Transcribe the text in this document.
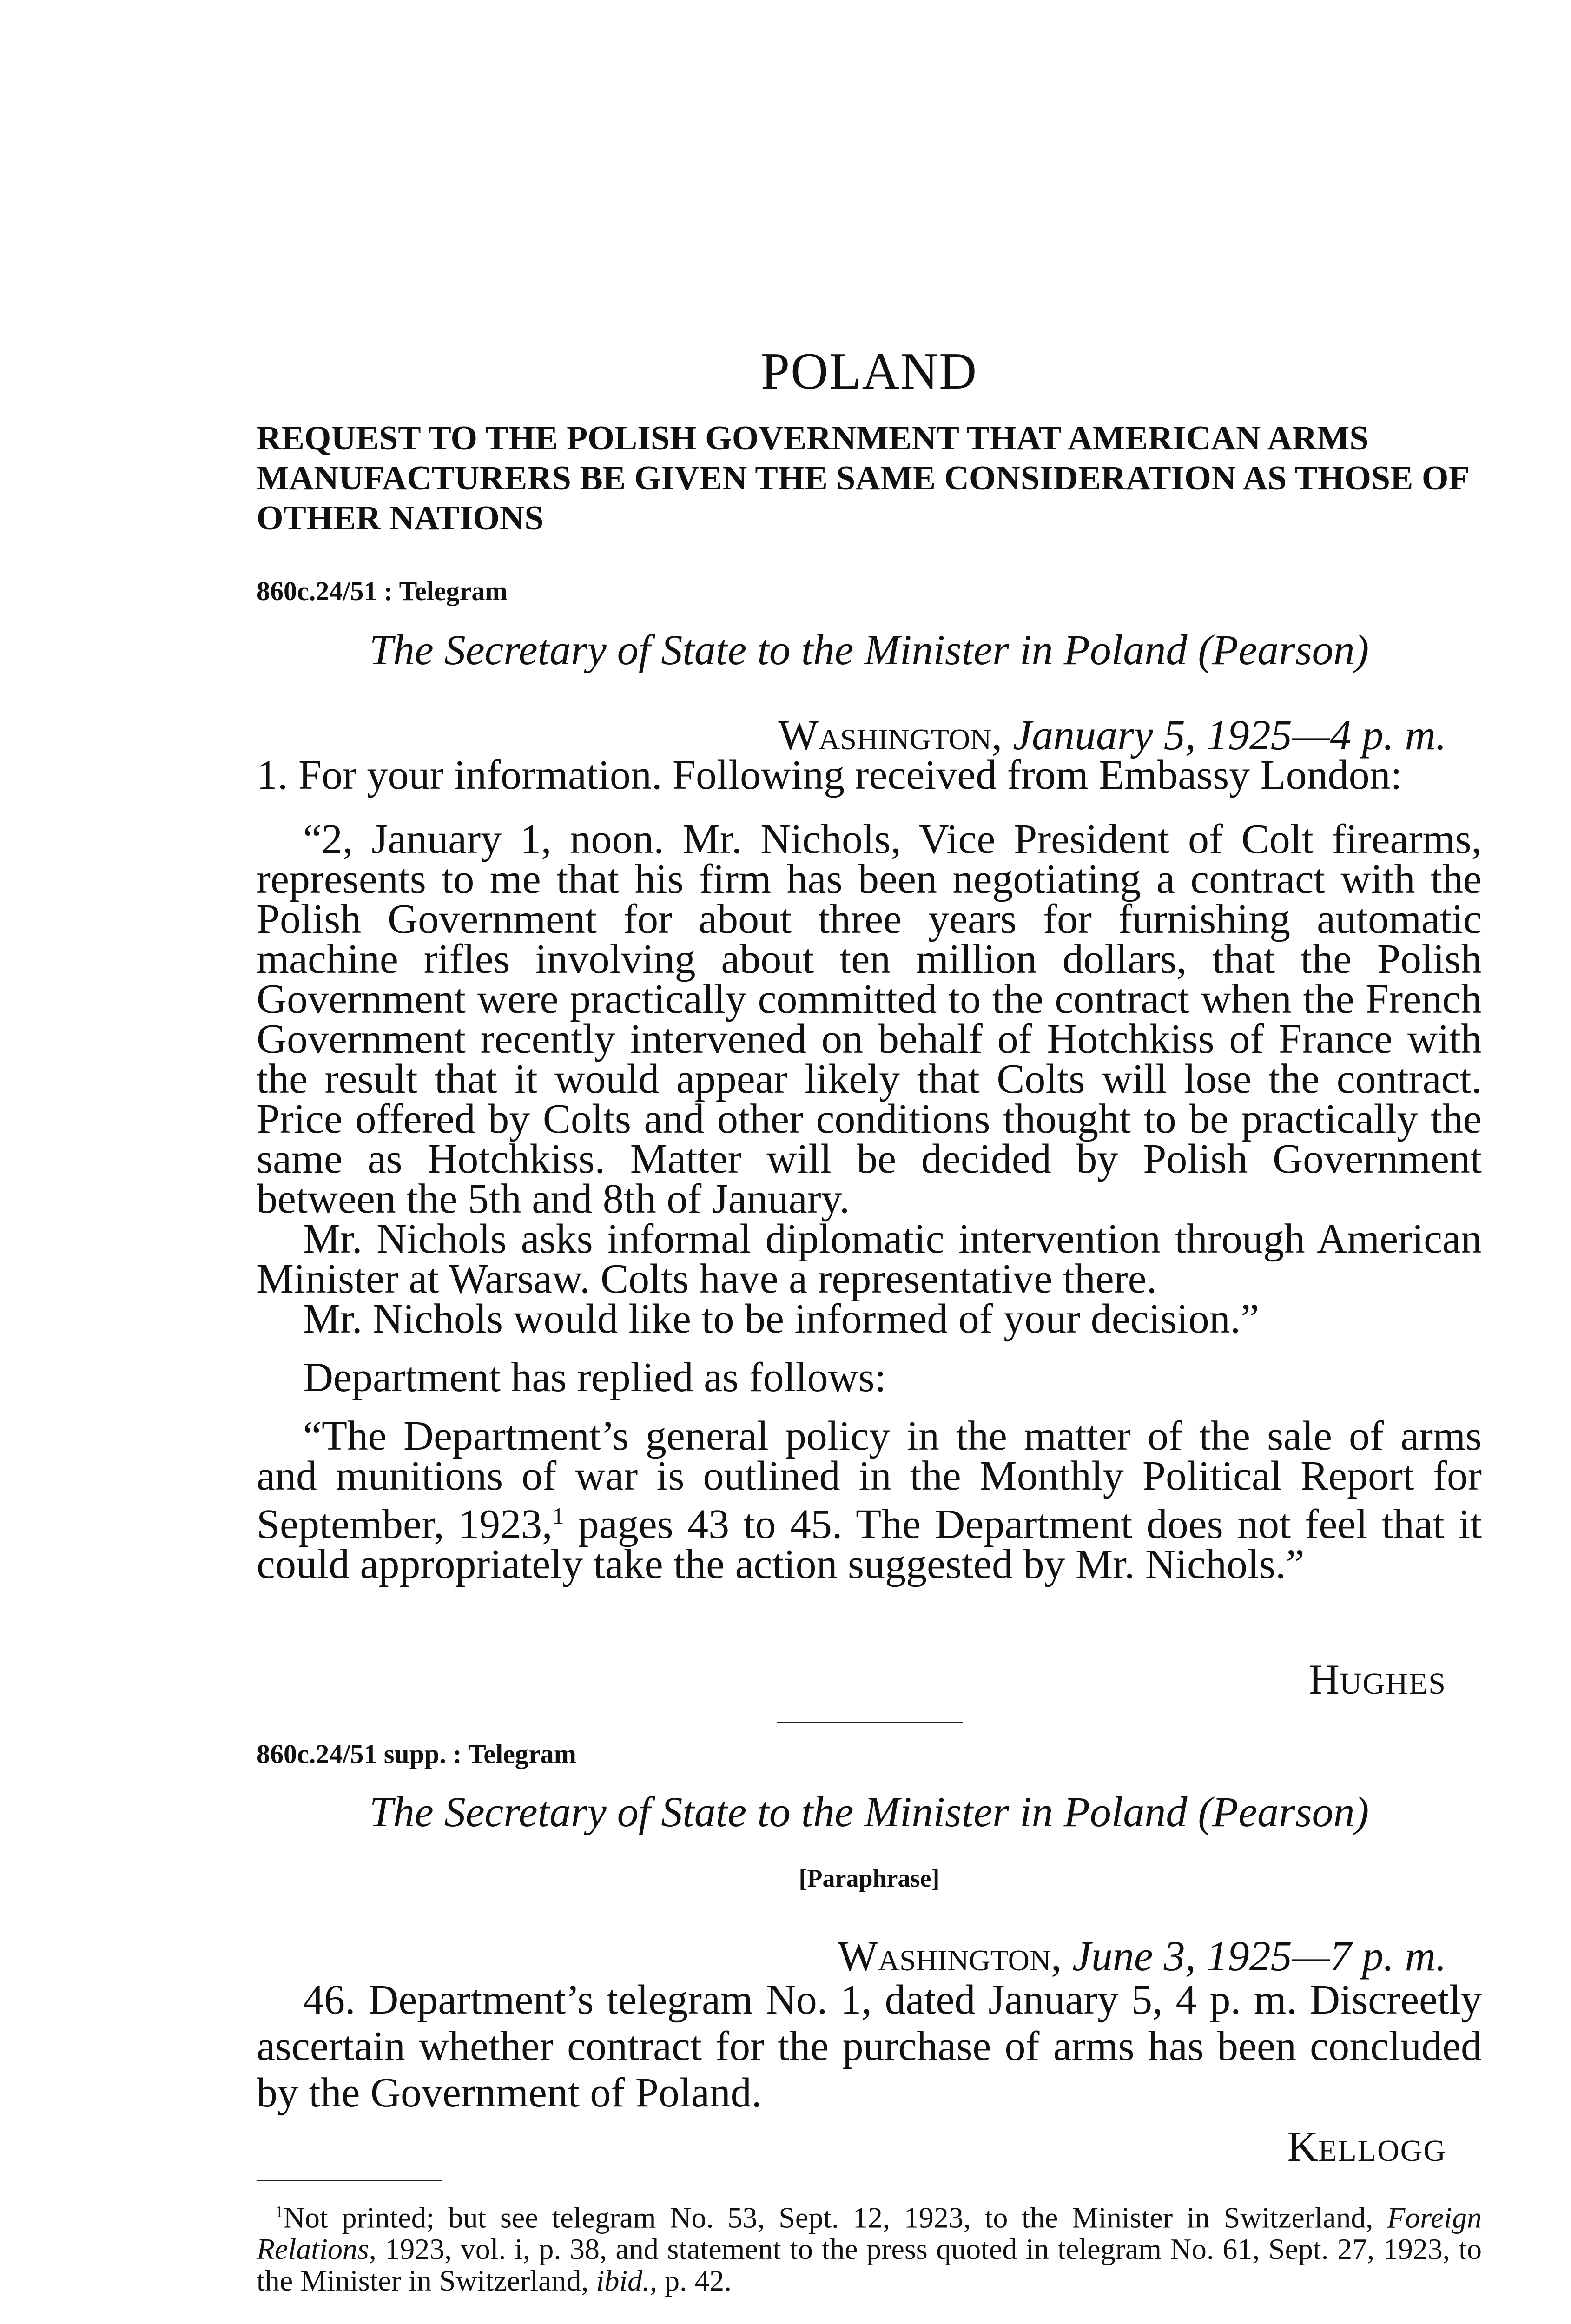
POLAND
REQUEST TO THE POLISH GOVERNMENT THAT AMERICAN ARMS MANUFACTURERS BE GIVEN THE SAME CONSIDERATION AS THOSE OF OTHER NATIONS
860c.24/51 : Telegram
The Secretary of State to the Minister in Poland (Pearson)
Washington, January 5, 1925—4 p. m.

1. For your information. Following received from Embassy London:

“2, January 1, noon. Mr. Nichols, Vice President of Colt firearms, represents to me that his firm has been negotiating a contract with the Polish Government for about three years for furnishing automatic machine rifles involving about ten million dollars, that the Polish Government were practically committed to the contract when the French Government recently intervened on behalf of Hotchkiss of France with the result that it would appear likely that Colts will lose the contract. Price offered by Colts and other conditions thought to be practically the same as Hotchkiss. Matter will be decided by Polish Government between the 5th and 8th of January.

Mr. Nichols asks informal diplomatic intervention through American Minister at Warsaw. Colts have a representative there.

Mr. Nichols would like to be informed of your decision.”

Department has replied as follows:

“The Department’s general policy in the matter of the sale of arms and munitions of war is outlined in the Monthly Political Report for September, 1923,$^1$ pages 43 to 45. The Department does not feel that it could appropriately take the action suggested by Mr. Nichols.”

HUGHES
860c.24/51 supp. : Telegram
The Secretary of State to the Minister in Poland (Pearson)
[Paraphrase]
Washington, June 3, 1925—7 p. m.

46. Department’s telegram No. 1, dated January 5, 4 p. m. Discreetly ascertain whether contract for the purchase of arms has been concluded by the Government of Poland.

KELLOGG

$^1$Not printed; but see telegram No. 53, Sept. 12, 1923, to the Minister in Switzerland, Foreign Relations, 1923, vol. i, p. 38, and statement to the press quoted in telegram No. 61, Sept. 27, 1923, to the Minister in Switzerland, ibid., p. 42.
